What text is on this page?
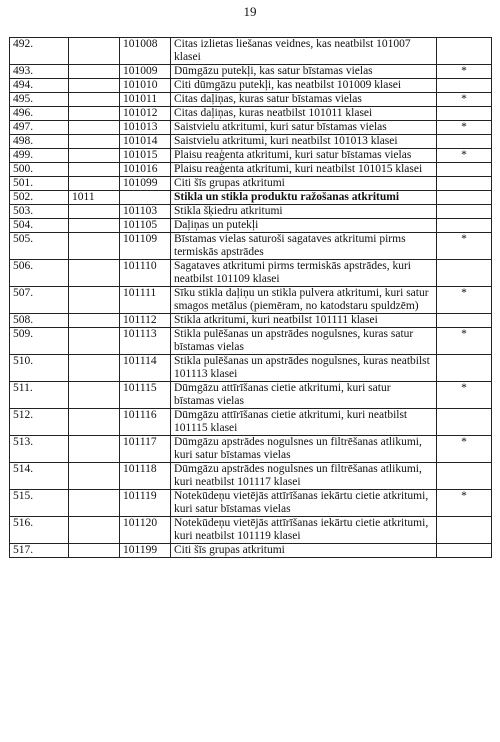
19
492.		101008	Citas izlietas liešanas veidnes, kas neatbilst 101007 klasei	
493.		101009	Dūmgāzu putekļi, kas satur bīstamas vielas	*
494.		101010	Citi dūmgāzu putekļi, kas neatbilst 101009 klasei	
495.		101011	Citas daļiņas, kuras satur bīstamas vielas	*
496.		101012	Citas daļiņas, kuras neatbilst 101011 klasei	
497.		101013	Saistvielu atkritumi, kuri satur bīstamas vielas	*
498.		101014	Saistvielu atkritumi, kuri neatbilst 101013 klasei	
499.		101015	Plaisu reaģenta atkritumi, kuri satur bīstamas vielas	*
500.		101016	Plaisu reaģenta atkritumi, kuri neatbilst 101015 klasei	
501.		101099	Citi šīs grupas atkritumi	
502.	1011		Stikla un stikla produktu ražošanas atkritumi	
503.		101103	Stikla šķiedru atkritumi	
504.		101105	Daļiņas un putekļi	
505.		101109	Bīstamas vielas saturoši sagataves atkritumi pirms termiskās apstrādes	*
506.		101110	Sagataves atkritumi pirms termiskās apstrādes, kuri neatbilst 101109 klasei	
507.		101111	Sīku stikla daļiņu un stikla pulvera atkritumi, kuri satur smagos metālus (piemēram, no katodstaru spuldzēm)	*
508.		101112	Stikla atkritumi, kuri neatbilst 101111 klasei	
509.		101113	Stikla pulēšanas un apstrādes nogulsnes, kuras satur bīstamas vielas	*
510.		101114	Stikla pulēšanas un apstrādes nogulsnes, kuras neatbilst 101113 klasei	
511.		101115	Dūmgāzu attīrīšanas cietie atkritumi, kuri satur bīstamas vielas	*
512.		101116	Dūmgāzu attīrīšanas cietie atkritumi, kuri neatbilst 101115 klasei	
513.		101117	Dūmgāzu apstrādes nogulsnes un filtrēšanas atlikumi, kuri satur bīstamas vielas	*
514.		101118	Dūmgāzu apstrādes nogulsnes un filtrēšanas atlikumi, kuri neatbilst 101117 klasei	
515.		101119	Notekūdeņu vietējās attīrīšanas iekārtu cietie atkritumi, kuri satur bīstamas vielas	*
516.		101120	Notekūdeņu vietējās attīrīšanas iekārtu cietie atkritumi, kuri neatbilst 101119 klasei	
517.		101199	Citi šīs grupas atkritumi	
